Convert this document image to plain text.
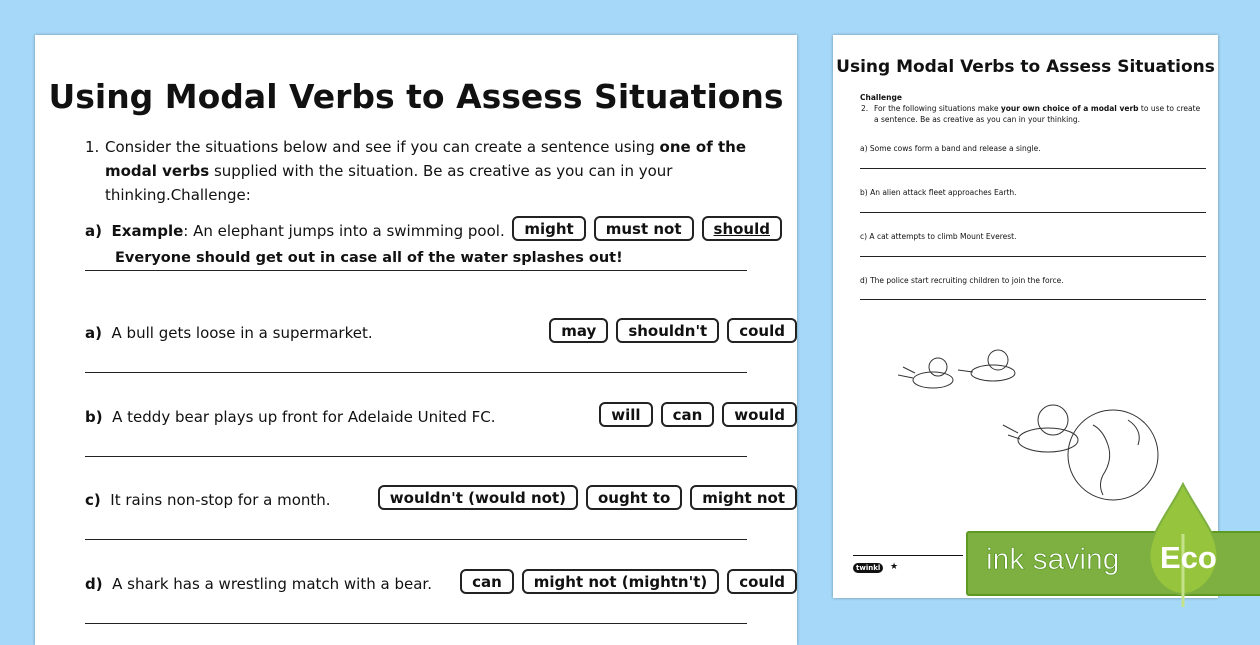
Using Modal Verbs to Assess Situations
1. Consider the situations below and see if you can create a sentence using one of the modal verbs supplied with the situation. Be as creative as you can in your thinking.Challenge:
a) Example: An elephant jumps into a swimming pool.	might	must not	should
Everyone should get out in case all of the water splashes out!
a) A bull gets loose in a supermarket.	may	shouldn't	could
b) A teddy bear plays up front for Adelaide United FC.	will	can	would
c) It rains non-stop for a month.	wouldn't (would not)	ought to	might not
d) A shark has a wrestling match with a bear.	can	might not (mightn't)	could
Using Modal Verbs to Assess Situations
Challenge
2. For the following situations make your own choice of a modal verb to use to create a sentence. Be as creative as you can in your thinking.
a) Some cows form a band and release a single.
b) An alien attack fleet approaches Earth.
c) A cat attempts to climb Mount Everest.
d) The police start recruiting children to join the force.
twinkl	★	ink saving Eco
